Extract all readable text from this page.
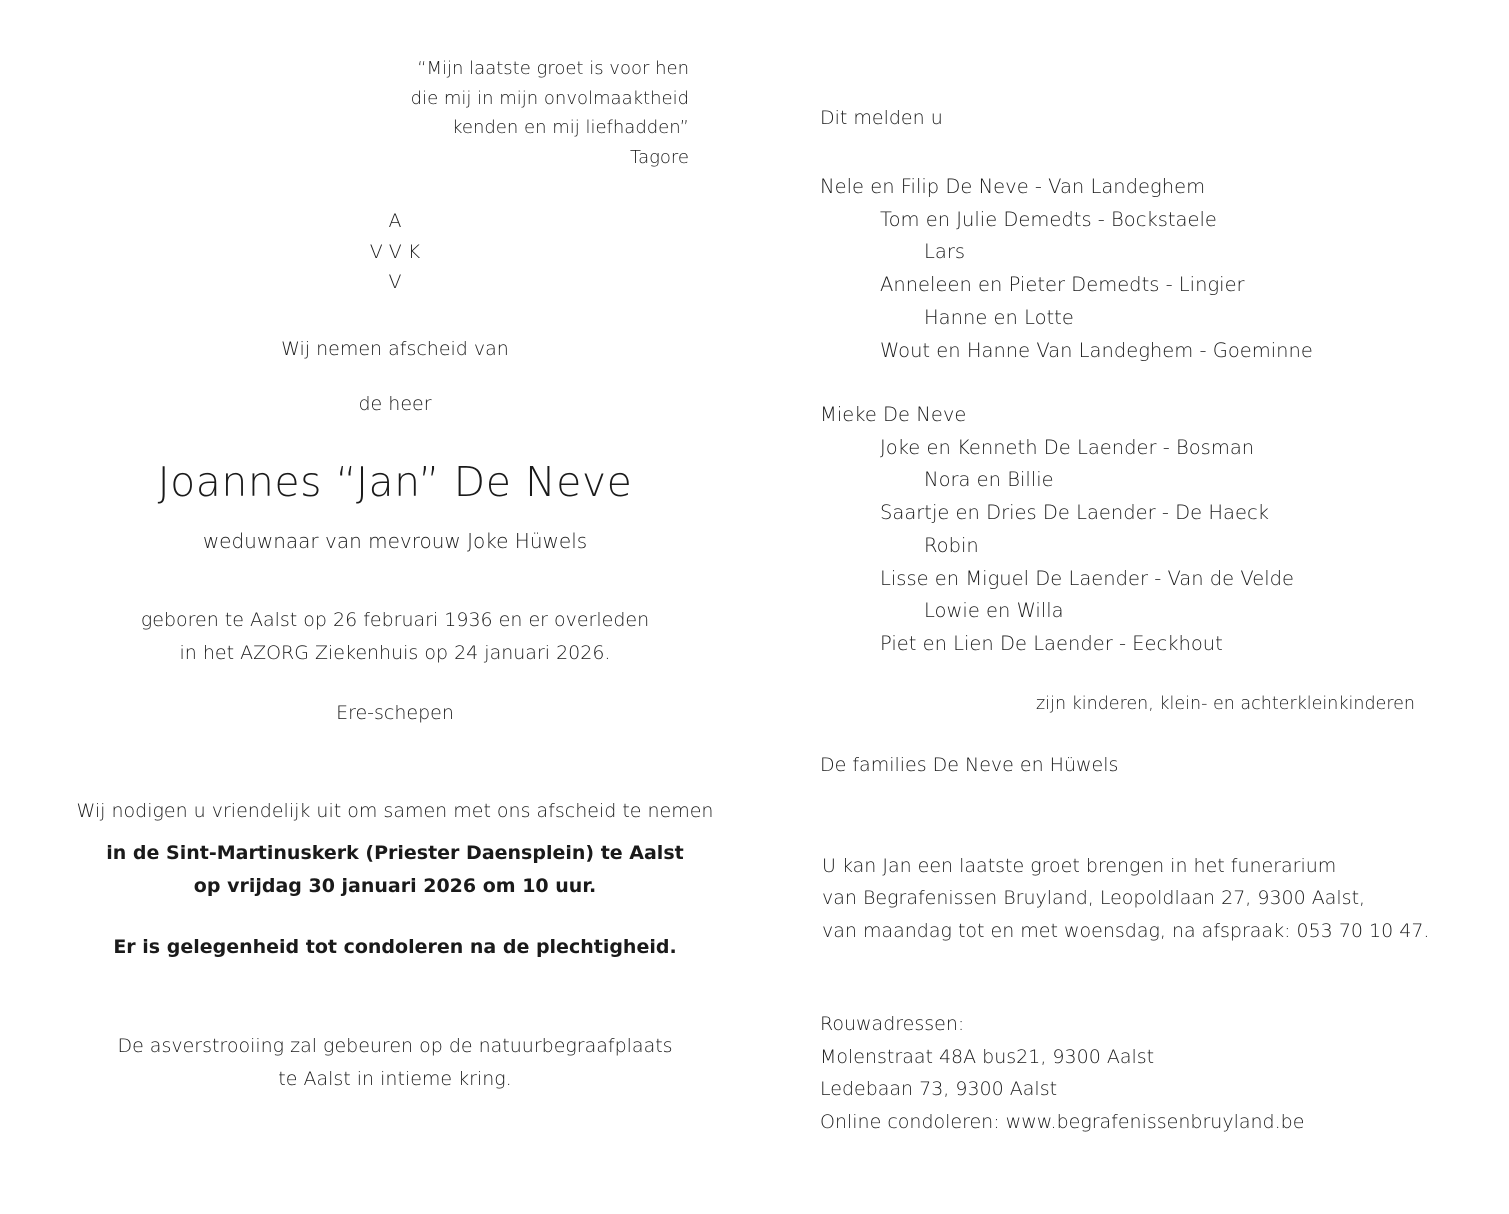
“Mijn laatste groet is voor hen
die mij in mijn onvolmaaktheid
kenden en mij liefhadden”
Tagore
A
V V K
V
Wij nemen afscheid van
de heer
Joannes “Jan” De Neve
weduwnaar van mevrouw Joke Hüwels
geboren te Aalst op 26 februari 1936 en er overleden
in het AZORG Ziekenhuis op 24 januari 2026.
Ere-schepen
Wij nodigen u vriendelijk uit om samen met ons afscheid te nemen
in de Sint-Martinuskerk (Priester Daensplein) te Aalst
op vrijdag 30 januari 2026 om 10 uur.
Er is gelegenheid tot condoleren na de plechtigheid.
De asverstrooiing zal gebeuren op de natuurbegraafplaats
te Aalst in intieme kring.
Dit melden u
Nele en Filip De Neve - Van Landeghem
Tom en Julie Demedts - Bockstaele
Lars
Anneleen en Pieter Demedts - Lingier
Hanne en Lotte
Wout en Hanne Van Landeghem - Goeminne
Mieke De Neve
Joke en Kenneth De Laender - Bosman
Nora en Billie
Saartje en Dries De Laender - De Haeck
Robin
Lisse en Miguel De Laender - Van de Velde
Lowie en Willa
Piet en Lien De Laender - Eeckhout
zijn kinderen, klein- en achterkleinkinderen
De families De Neve en Hüwels
U kan Jan een laatste groet brengen in het funerarium
van Begrafenissen Bruyland, Leopoldlaan 27, 9300 Aalst,
van maandag tot en met woensdag, na afspraak: 053 70 10 47.
Rouwadressen:
Molenstraat 48A bus21, 9300 Aalst
Ledebaan 73, 9300 Aalst
Online condoleren: www.begrafenissenbruyland.be
